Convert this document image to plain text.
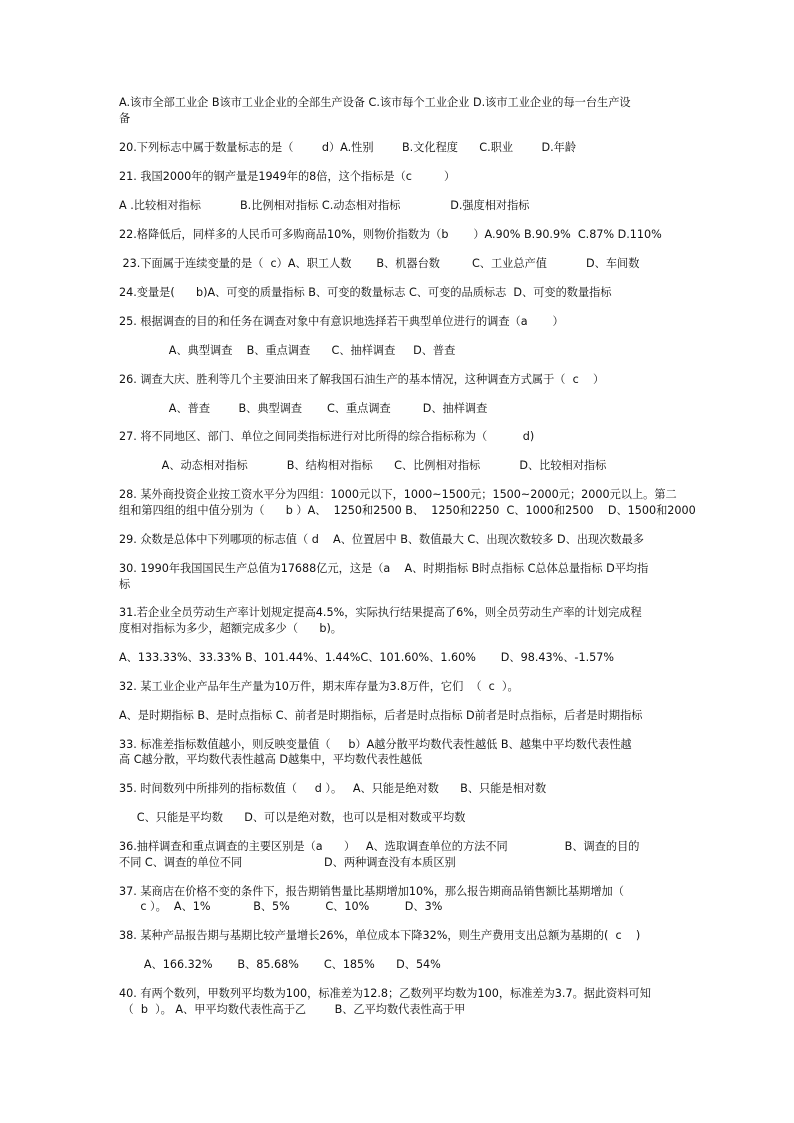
A.该市全部工业企 B该市工业企业的全部生产设备 C.该市每个工业企业 D.该市工业企业的每一台生产设
备
20.下列标志中属于数量标志的是（        d）A.性别        B.文化程度      C.职业        D.年龄
21. 我国2000年的钢产量是1949年的8倍，这个指标是（c         ）
A .比较相对指标           B.比例相对指标 C.动态相对指标              D.强度相对指标
22.格降低后，同样多的人民币可多购商品10%，则物价指数为（b       ）A.90% B.90.9%  C.87% D.110%
23.下面属于连续变量的是（  c）A、职工人数       B、机器台数         C、工业总产值           D、车间数
24.变量是(      b)A、可变的质量指标 B、可变的数量标志 C、可变的品质标志  D、可变的数量指标
25. 根据调查的目的和任务在调查对象中有意识地选择若干典型单位进行的调查（a       ）
A、典型调查    B、重点调查      C、抽样调查     D、普查
26. 调查大庆、胜利等几个主要油田来了解我国石油生产的基本情况，这种调查方式属于（  c    ）
A、普查        B、典型调查       C、重点调查         D、抽样调查
27. 将不同地区、部门、单位之间同类指标进行对比所得的综合指标称为（          d)
A、动态相对指标           B、结构相对指标      C、比例相对指标           D、比较相对指标
28. 某外商投资企业按工资水平分为四组：1000元以下，1000~1500元；1500~2000元；2000元以上。第二
组和第四组的组中值分别为（      b ）A、  1250和2500 B、  1250和2250  C、1000和2500    D、1500和2000
29. 众数是总体中下列哪项的标志值（ d    A、位置居中 B、数值最大 C、出现次数较多 D、出现次数最多
30. 1990年我国国民生产总值为17688亿元，这是（a    A、时期指标 B时点指标 C总体总量指标 D平均指
标
31.若企业全员劳动生产率计划规定提高4.5%，实际执行结果提高了6%，则全员劳动生产率的计划完成程
度相对指标为多少，超额完成多少（      b)。
A、133.33%、33.33% B、101.44%、1.44%C、101.60%、1.60%       D、98.43%、-1.57%
32. 某工业企业产品年生产量为10万件，期末库存量为3.8万件，它们  （  c  ）。
A、是时期指标 B、是时点指标 C、前者是时期指标，后者是时点指标 D前者是时点指标，后者是时期指标
33. 标准差指标数值越小，则反映变量值（     b）A越分散平均数代表性越低 B、越集中平均数代表性越
高 C越分散，平均数代表性越高 D越集中，平均数代表性越低
35. 时间数列中所排列的指标数值（     d ）。   A、只能是绝对数      B、只能是相对数
C、只能是平均数      D、可以是绝对数，也可以是相对数或平均数
36.抽样调查和重点调查的主要区别是（a      ）   A、选取调查单位的方法不同                B、调查的目的
不同 C、调查的单位不同                       D、两种调查没有本质区别
37. 某商店在价格不变的条件下，报告期销售量比基期增加10%，那么报告期商品销售额比基期增加（
c ）。  A、1%            B、5%          C、10%          D、3%
38. 某种产品报告期与基期比较产量增长26%，单位成本下降32%，则生产费用支出总额为基期的(  c    )
A、166.32%       B、85.68%       C、185%      D、54%
40. 有两个数列，甲数列平均数为100，标准差为12.8；乙数列平均数为100，标准差为3.7。据此资料可知
（  b  ）。 A、甲平均数代表性高于乙        B、乙平均数代表性高于甲
